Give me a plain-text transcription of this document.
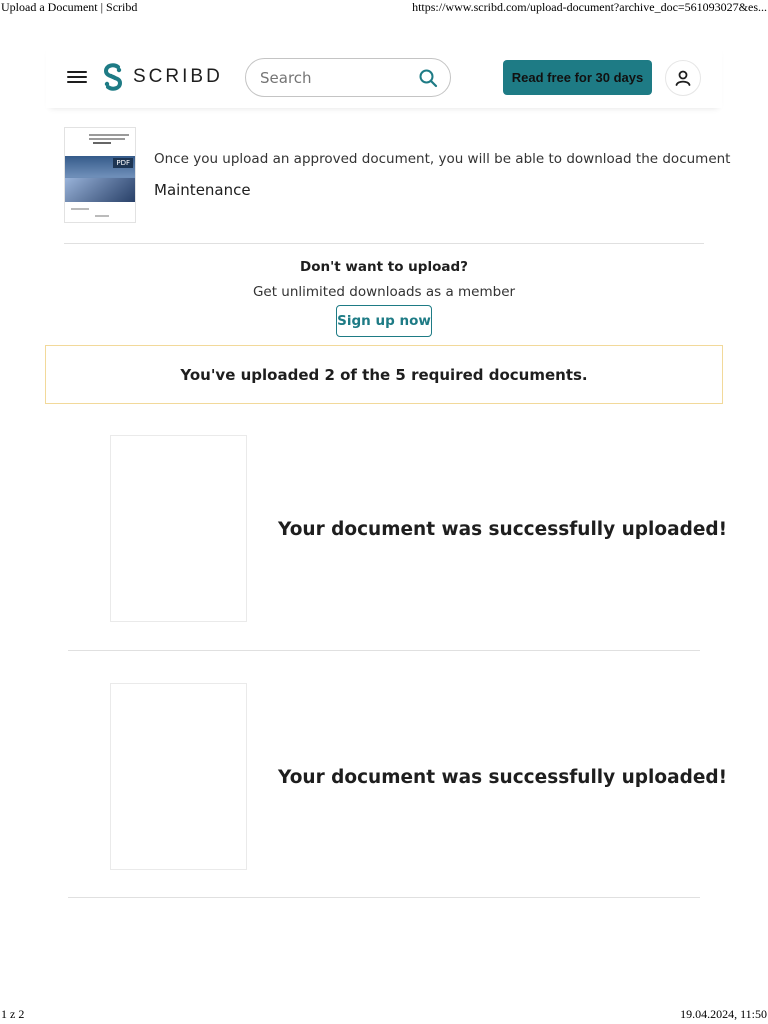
Upload a Document | Scribd	https://www.scribd.com/upload-document?archive_doc=561093027&es...
SCRIBD
Search	Read free for 30 days
PDF Once you upload an approved document, you will be able to download the document
Maintenance
Don't want to upload?
Get unlimited downloads as a member
Sign up now
You've uploaded 2 of the 5 required documents.
Your document was successfully uploaded!
Your document was successfully uploaded!
1 z 2	19.04.2024, 11:50
